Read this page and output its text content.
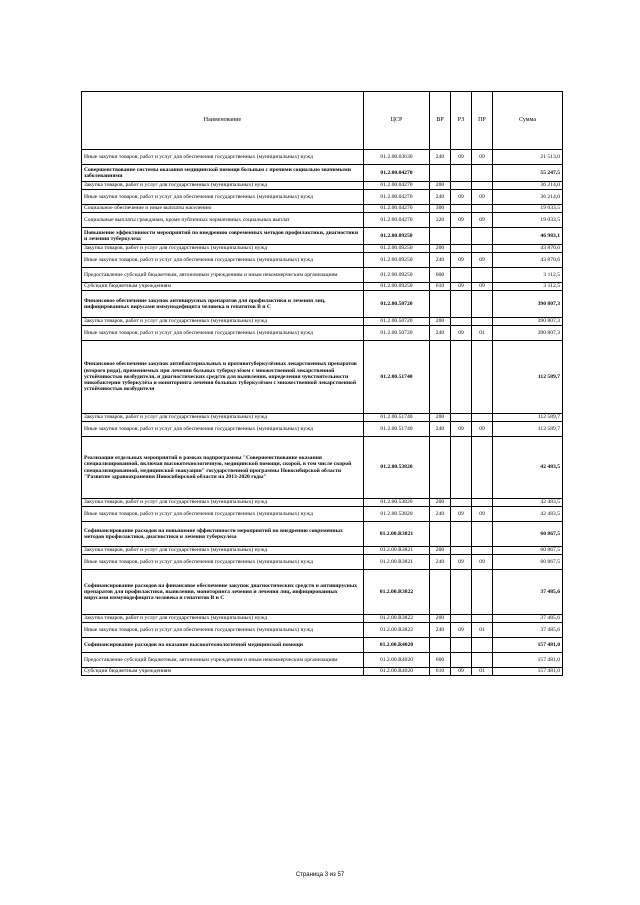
Наименование	ЦСР	ВР	РЗ	ПР	Сумма
Иные закупки товаров, работ и услуг для обеспечения государственных (муниципальных) нужд	01.2.00.03630	240	09	09	21 513,0
Совершенствование системы оказания медицинской помощи больным с прочими социально значимыми заболеваниями	01.2.00.04270				55 247,5
Закупка товаров, работ и услуг для государственных (муниципальных) нужд	01.2.00.04270	200			36 214,0
Иные закупки товаров, работ и услуг для обеспечения государственных (муниципальных) нужд	01.2.00.04270	240	09	09	36 214,0
Социальное обеспечение и иные выплаты населению	01.2.00.04270	300			19 033,5
Социальные выплаты гражданам, кроме публичных нормативных социальных выплат	01.2.00.04270	320	09	09	19 033,5
Повышение эффективности мероприятий по внедрению современных методов профилактики, диагностики и лечения туберкулеза	01.2.00.09250				46 983,1
Закупка товаров, работ и услуг для государственных (муниципальных) нужд	01.2.00.09250	200			43 870,6
Иные закупки товаров, работ и услуг для обеспечения государственных (муниципальных) нужд	01.2.00.09250	240	09	09	43 870,6
Предоставление субсидий бюджетным, автономным учреждениям и иным некоммерческим организациям	01.2.00.09250	600			3 112,5
Субсидии бюджетным учреждениям	01.2.00.09250	610	09	09	3 112,5
Финансовое обеспечение закупок антивирусных препаратов для профилактики и лечения лиц, инфицированных вирусами иммунодефицита человека и гепатитов В и С	01.2.00.50720				390 807,3
Закупка товаров, работ и услуг для государственных (муниципальных) нужд	01.2.00.50720	200			390 807,3
Иные закупки товаров, работ и услуг для обеспечения государственных (муниципальных) нужд	01.2.00.50720	240	09	01	390 807,3
Финансовое обеспечение закупок антибактериальных и противотуберкулёзных лекарственных препаратов (второго ряда), применяемых при лечении больных туберкулёзом с множественной лекарственной устойчивостью возбудителя, и диагностических средств для выявления, определения чувствительности микобактерии туберкулёза и мониторинга лечения больных туберкулёзом с множественной лекарственной устойчивостью возбудителя	01.2.00.51740				112 589,7
Закупка товаров, работ и услуг для государственных (муниципальных) нужд	01.2.00.51740	200			112 589,7
Иные закупки товаров, работ и услуг для обеспечения государственных (муниципальных) нужд	01.2.00.51740	240	09	09	112 589,7
Реализация отдельных мероприятий в рамках подпрограммы "Совершенствование оказания специализированной, включая высокотехнологичную, медицинской помощи, скорой, в том числе скорой специализированной, медицинской эвакуации" государственной программы Новосибирской области "Развитие здравоохранения Новосибирской области на 2013-2020 годы"	01.2.00.53820				42 483,5
Закупка товаров, работ и услуг для государственных (муниципальных) нужд	01.2.00.53820	200			42 483,5
Иные закупки товаров, работ и услуг для обеспечения государственных (муниципальных) нужд	01.2.00.53820	240	09	09	42 483,5
Софинансирование расходов на повышение эффективности мероприятий по внедрению современных методов профилактики, диагностики и лечения туберкулеза	01.2.00.R3821				60 867,5
Закупка товаров, работ и услуг для государственных (муниципальных) нужд	01.2.00.R3821	200			60 867,5
Иные закупки товаров, работ и услуг для обеспечения государственных (муниципальных) нужд	01.2.00.R3821	240	09	09	60 867,5
Софинансирование расходов на финансовое обеспечение закупок диагностических средств и антивирусных препаратов для профилактики, выявления, мониторинга лечения и лечения лиц, инфицированных вирусами иммунодефицита человека и гепатитов В и С	01.2.00.R3822				37 485,6
Закупка товаров, работ и услуг для государственных (муниципальных) нужд	01.2.00.R3822	200			37 485,6
Иные закупки товаров, работ и услуг для обеспечения государственных (муниципальных) нужд	01.2.00.R3822	240	09	01	37 485,6
Софинансирование расходов на оказание высокотехнологичной медицинской помощи	01.2.00.R4020				157 481,0
Предоставление субсидий бюджетным, автономным учреждениям и иным некоммерческим организациям	01.2.00.R4020	600			157 481,0
Субсидии бюджетным учреждениям	01.2.00.R4020	610	09	01	157 481,0
Страница 3 из 57
